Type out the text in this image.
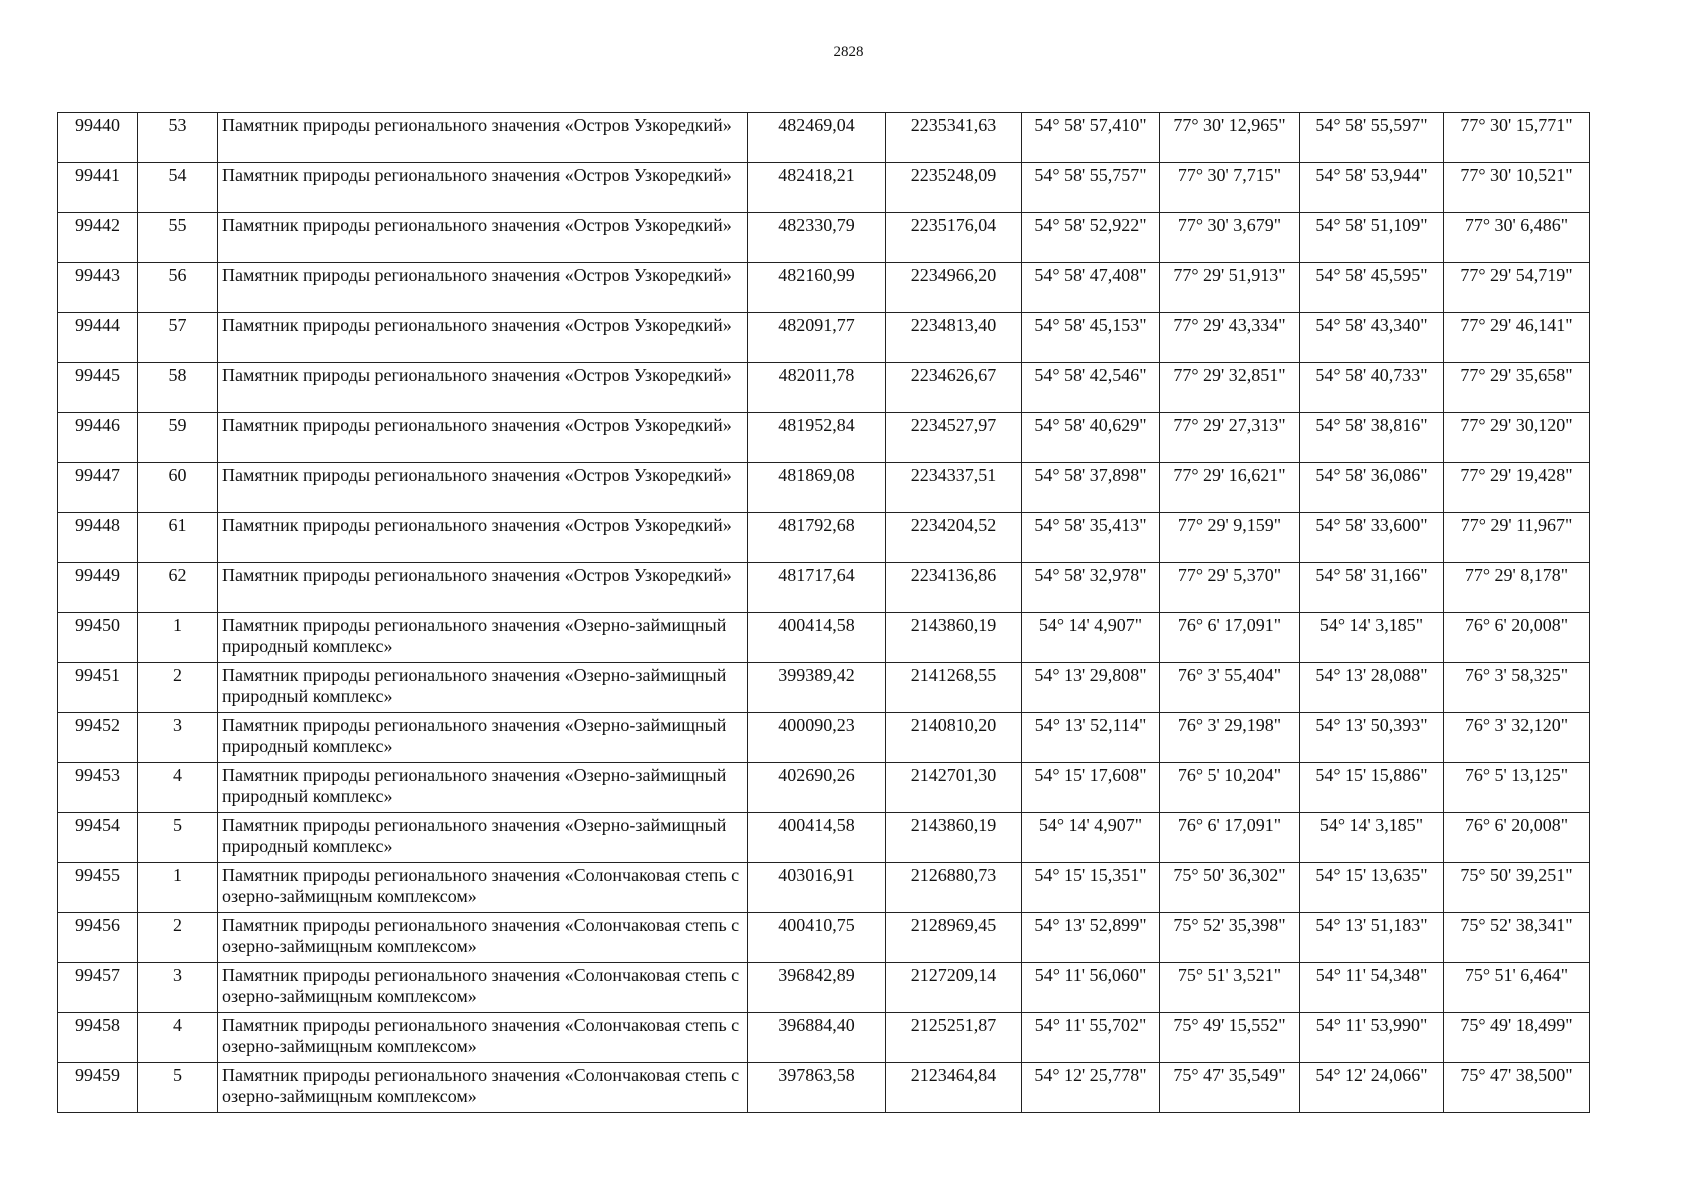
2828
99440	53	Памятник природы регионального значения «Остров Узкоредкий»	482469,04	2235341,63	54° 58' 57,410"	77° 30' 12,965"	54° 58' 55,597"	77° 30' 15,771"
99441	54	Памятник природы регионального значения «Остров Узкоредкий»	482418,21	2235248,09	54° 58' 55,757"	77° 30' 7,715"	54° 58' 53,944"	77° 30' 10,521"
99442	55	Памятник природы регионального значения «Остров Узкоредкий»	482330,79	2235176,04	54° 58' 52,922"	77° 30' 3,679"	54° 58' 51,109"	77° 30' 6,486"
99443	56	Памятник природы регионального значения «Остров Узкоредкий»	482160,99	2234966,20	54° 58' 47,408"	77° 29' 51,913"	54° 58' 45,595"	77° 29' 54,719"
99444	57	Памятник природы регионального значения «Остров Узкоредкий»	482091,77	2234813,40	54° 58' 45,153"	77° 29' 43,334"	54° 58' 43,340"	77° 29' 46,141"
99445	58	Памятник природы регионального значения «Остров Узкоредкий»	482011,78	2234626,67	54° 58' 42,546"	77° 29' 32,851"	54° 58' 40,733"	77° 29' 35,658"
99446	59	Памятник природы регионального значения «Остров Узкоредкий»	481952,84	2234527,97	54° 58' 40,629"	77° 29' 27,313"	54° 58' 38,816"	77° 29' 30,120"
99447	60	Памятник природы регионального значения «Остров Узкоредкий»	481869,08	2234337,51	54° 58' 37,898"	77° 29' 16,621"	54° 58' 36,086"	77° 29' 19,428"
99448	61	Памятник природы регионального значения «Остров Узкоредкий»	481792,68	2234204,52	54° 58' 35,413"	77° 29' 9,159"	54° 58' 33,600"	77° 29' 11,967"
99449	62	Памятник природы регионального значения «Остров Узкоредкий»	481717,64	2234136,86	54° 58' 32,978"	77° 29' 5,370"	54° 58' 31,166"	77° 29' 8,178"
99450	1	Памятник природы регионального значения «Озерно-займищный природный комплекс»	400414,58	2143860,19	54° 14' 4,907"	76° 6' 17,091"	54° 14' 3,185"	76° 6' 20,008"
99451	2	Памятник природы регионального значения «Озерно-займищный природный комплекс»	399389,42	2141268,55	54° 13' 29,808"	76° 3' 55,404"	54° 13' 28,088"	76° 3' 58,325"
99452	3	Памятник природы регионального значения «Озерно-займищный природный комплекс»	400090,23	2140810,20	54° 13' 52,114"	76° 3' 29,198"	54° 13' 50,393"	76° 3' 32,120"
99453	4	Памятник природы регионального значения «Озерно-займищный природный комплекс»	402690,26	2142701,30	54° 15' 17,608"	76° 5' 10,204"	54° 15' 15,886"	76° 5' 13,125"
99454	5	Памятник природы регионального значения «Озерно-займищный природный комплекс»	400414,58	2143860,19	54° 14' 4,907"	76° 6' 17,091"	54° 14' 3,185"	76° 6' 20,008"
99455	1	Памятник природы регионального значения «Солончаковая степь с озерно-займищным комплексом»	403016,91	2126880,73	54° 15' 15,351"	75° 50' 36,302"	54° 15' 13,635"	75° 50' 39,251"
99456	2	Памятник природы регионального значения «Солончаковая степь с озерно-займищным комплексом»	400410,75	2128969,45	54° 13' 52,899"	75° 52' 35,398"	54° 13' 51,183"	75° 52' 38,341"
99457	3	Памятник природы регионального значения «Солончаковая степь с озерно-займищным комплексом»	396842,89	2127209,14	54° 11' 56,060"	75° 51' 3,521"	54° 11' 54,348"	75° 51' 6,464"
99458	4	Памятник природы регионального значения «Солончаковая степь с озерно-займищным комплексом»	396884,40	2125251,87	54° 11' 55,702"	75° 49' 15,552"	54° 11' 53,990"	75° 49' 18,499"
99459	5	Памятник природы регионального значения «Солончаковая степь с озерно-займищным комплексом»	397863,58	2123464,84	54° 12' 25,778"	75° 47' 35,549"	54° 12' 24,066"	75° 47' 38,500"
